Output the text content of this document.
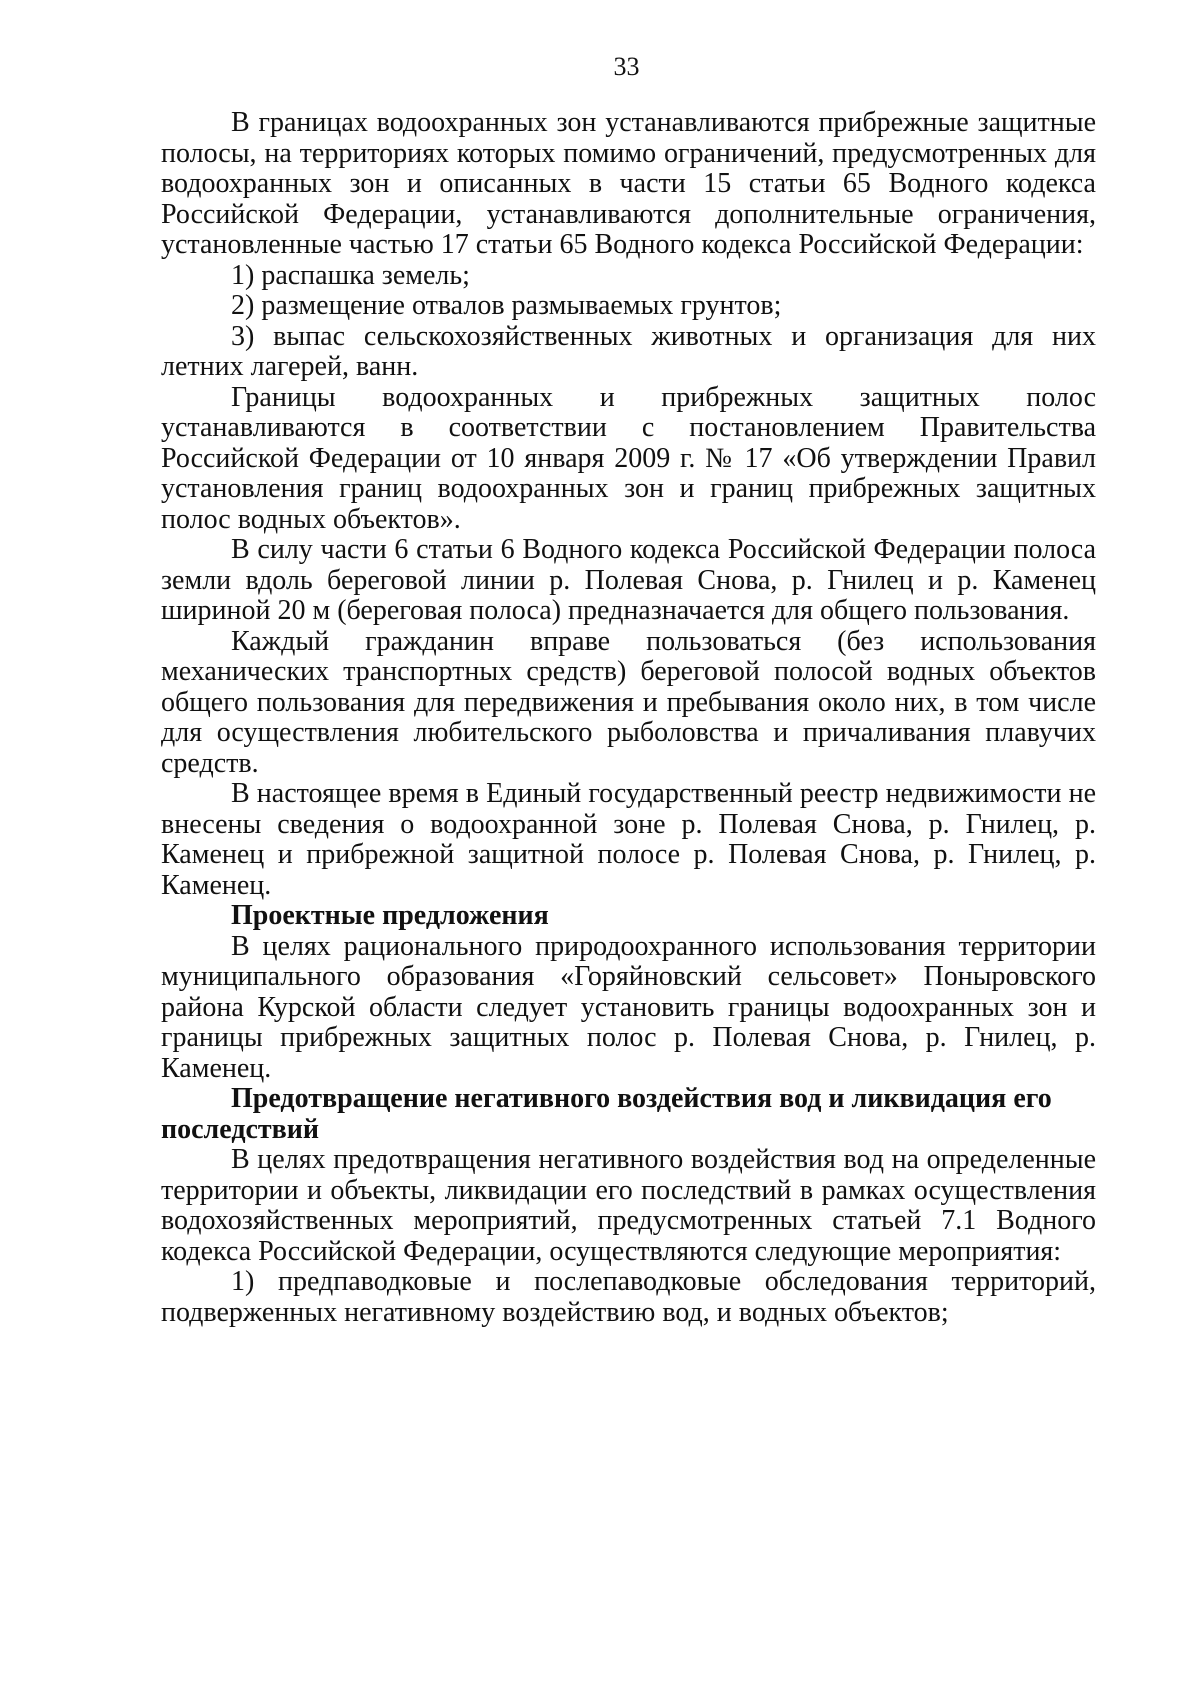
33

В границах водоохранных зон устанавливаются прибрежные защитные полосы, на территориях которых помимо ограничений, предусмотренных для водоохранных зон и описанных в части 15 статьи 65 Водного кодекса Российской Федерации, устанавливаются дополнительные ограничения, установленные частью 17 статьи 65 Водного кодекса Российской Федерации:

1) распашка земель;

2) размещение отвалов размываемых грунтов;

3) выпас сельскохозяйственных животных и организация для них летних лагерей, ванн.

Границы водоохранных и прибрежных защитных полос устанавливаются в соответствии с постановлением Правительства Российской Федерации от 10 января 2009 г. № 17 «Об утверждении Правил установления границ водоохранных зон и границ прибрежных защитных полос водных объектов».

В силу части 6 статьи 6 Водного кодекса Российской Федерации полоса земли вдоль береговой линии р. Полевая Снова, р. Гнилец и р. Каменец шириной 20 м (береговая полоса) предназначается для общего пользования.

Каждый гражданин вправе пользоваться (без использования механических транспортных средств) береговой полосой водных объектов общего пользования для передвижения и пребывания около них, в том числе для осуществления любительского рыболовства и причаливания плавучих средств.

В настоящее время в Единый государственный реестр недвижимости не внесены сведения о водоохранной зоне р. Полевая Снова, р. Гнилец, р. Каменец и прибрежной защитной полосе р. Полевая Снова, р. Гнилец, р. Каменец.

Проектные предложения

В целях рационального природоохранного использования территории муниципального образования «Горяйновский сельсовет» Поныровского района Курской области следует установить границы водоохранных зон и границы прибрежных защитных полос р. Полевая Снова, р. Гнилец, р. Каменец.

Предотвращение негативного воздействия вод и ликвидация его последствий

В целях предотвращения негативного воздействия вод на определенные территории и объекты, ликвидации его последствий в рамках осуществления водохозяйственных мероприятий, предусмотренных статьей 7.1 Водного кодекса Российской Федерации, осуществляются следующие мероприятия:

1) предпаводковые и послепаводковые обследования территорий, подверженных негативному воздействию вод, и водных объектов;
